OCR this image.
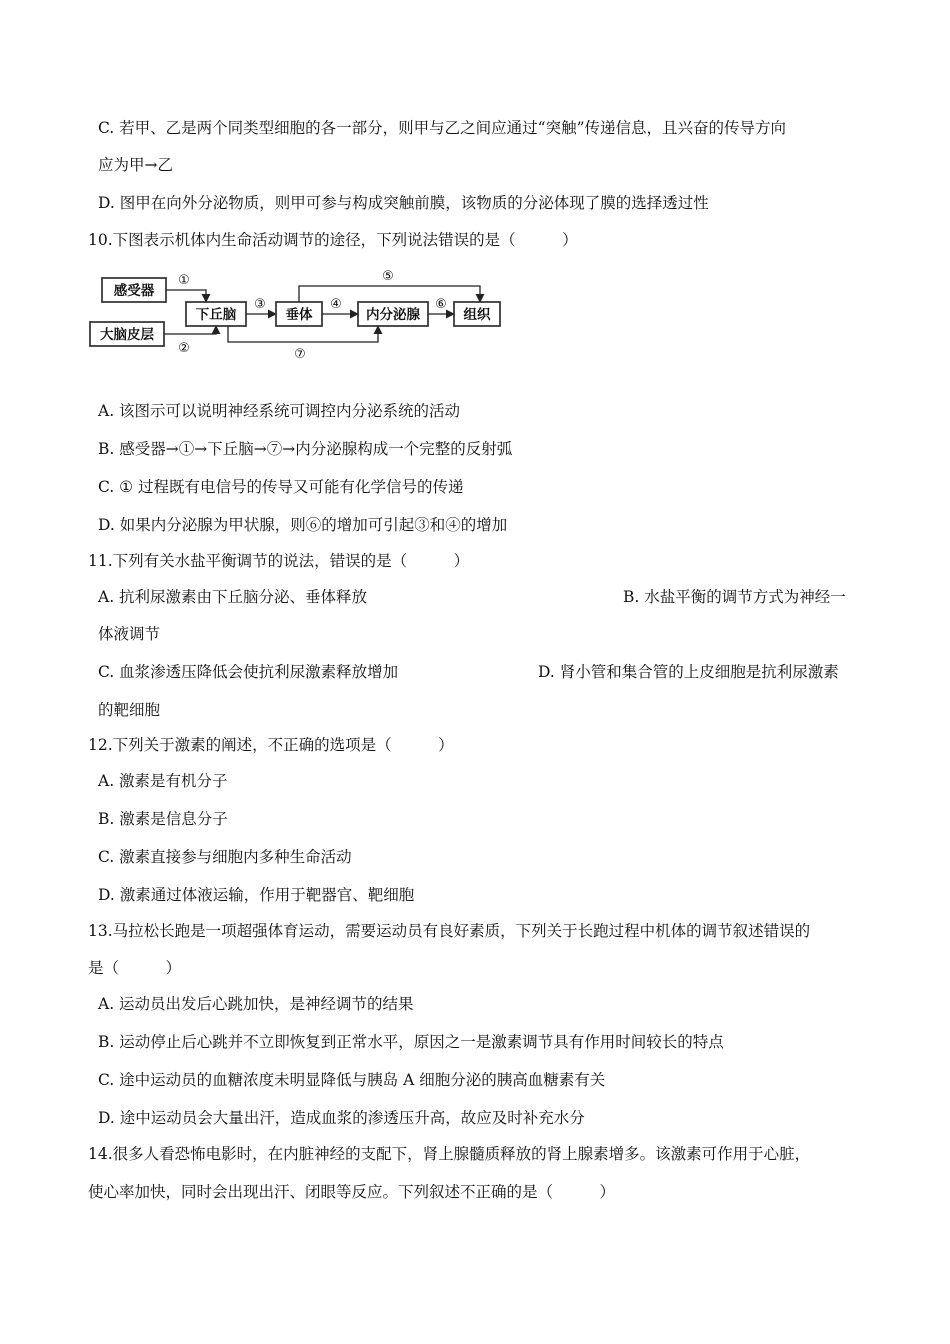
C. 若甲、乙是两个同类型细胞的各一部分，则甲与乙之间应通过“突触”传递信息，且兴奋的传导方向
应为甲→乙
D. 图甲在向外分泌物质，则甲可参与构成突触前膜，该物质的分泌体现了膜的选择透过性
10.下图表示机体内生命活动调节的途径，下列说法错误的是（　　　）
感受器
大脑皮层
下丘脑	垂体	内分泌腺	组织
①
②
③	④
⑤
⑥
⑦
A. 该图示可以说明神经系统可调控内分泌系统的活动
B. 感受器→①→下丘脑→⑦→内分泌腺构成一个完整的反射弧
C. ① 过程既有电信号的传导又可能有化学信号的传递
D. 如果内分泌腺为甲状腺，则⑥的增加可引起③和④的增加
11.下列有关水盐平衡调节的说法，错误的是（　　　）
A. 抗利尿激素由下丘脑分泌、垂体释放	B. 水盐平衡的调节方式为神经一
体液调节
C. 血浆渗透压降低会使抗利尿激素释放增加	D. 肾小管和集合管的上皮细胞是抗利尿激素
的靶细胞
12.下列关于激素的阐述，不正确的选项是（　　　）
A. 激素是有机分子
B. 激素是信息分子
C. 激素直接参与细胞内多种生命活动
D. 激素通过体液运输，作用于靶器官、靶细胞
13.马拉松长跑是一项超强体育运动，需要运动员有良好素质，下列关于长跑过程中机体的调节叙述错误的
是（　　　）
A. 运动员出发后心跳加快，是神经调节的结果
B. 运动停止后心跳并不立即恢复到正常水平，原因之一是激素调节具有作用时间较长的特点
C. 途中运动员的血糖浓度未明显降低与胰岛 A 细胞分泌的胰高血糖素有关
D. 途中运动员会大量出汗，造成血浆的渗透压升高，故应及时补充水分
14.很多人看恐怖电影时，在内脏神经的支配下，肾上腺髓质释放的肾上腺素增多。该激素可作用于心脏，
使心率加快，同时会出现出汗、闭眼等反应。下列叙述不正确的是（　　　）
